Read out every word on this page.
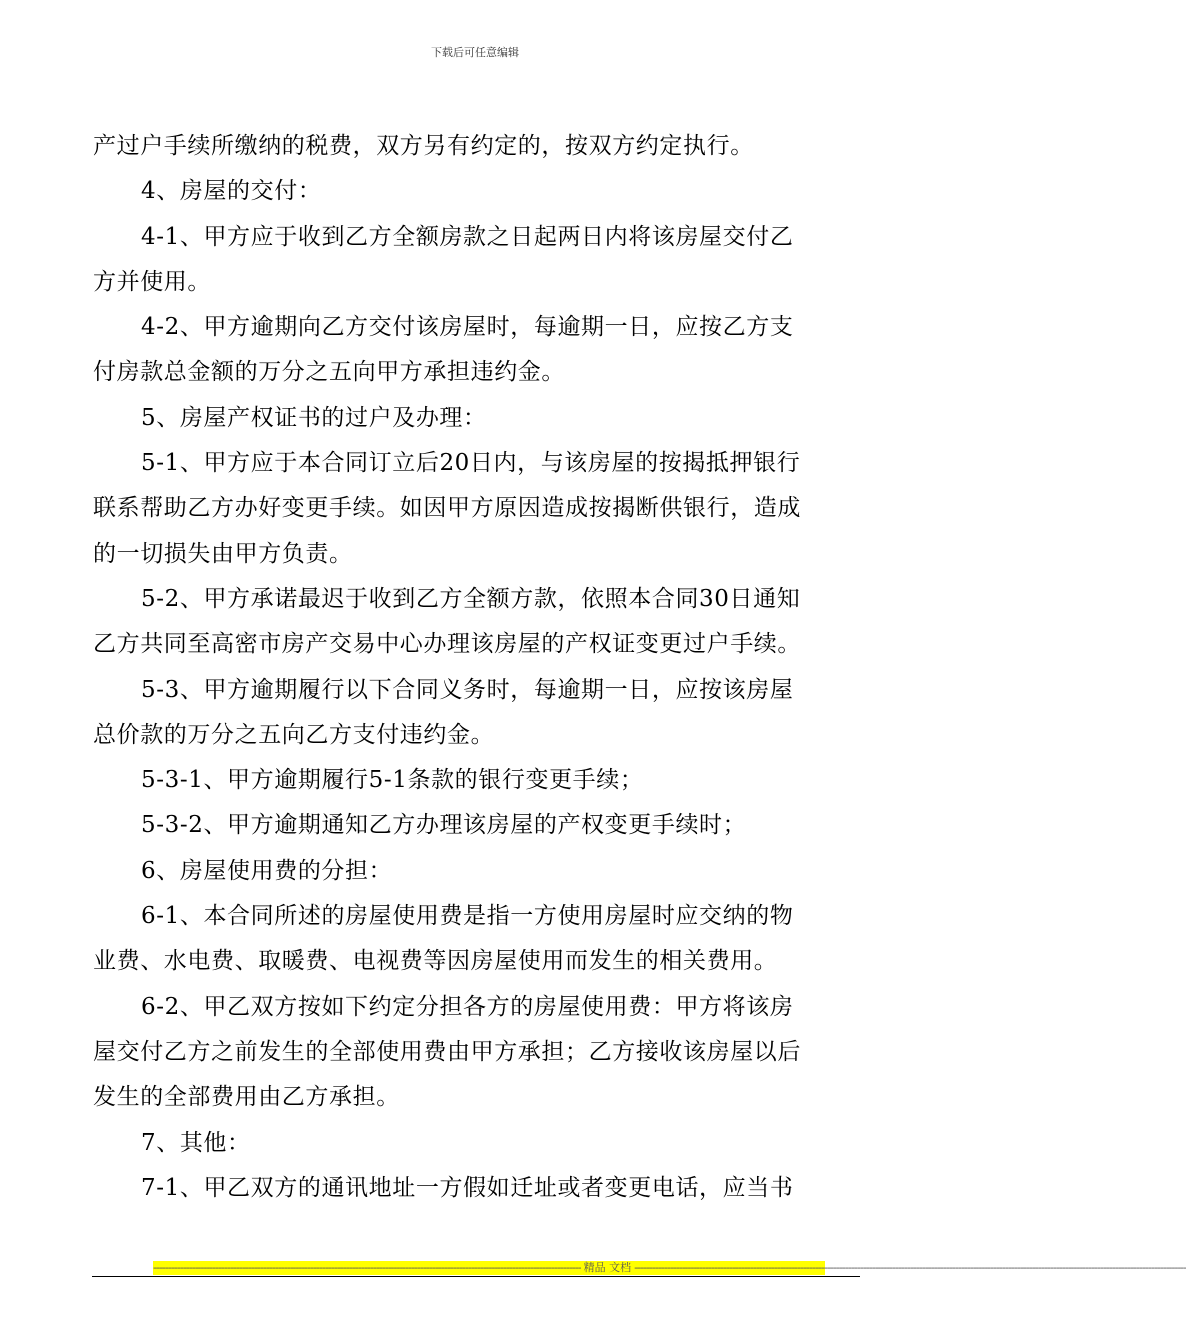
下载后可任意编辑

产过户手续所缴纳的税费，双方另有约定的，按双方约定执行。

4、房屋的交付：

4-1、甲方应于收到乙方全额房款之日起两日内将该房屋交付乙

方并使用。

4-2、甲方逾期向乙方交付该房屋时，每逾期一日，应按乙方支

付房款总金额的万分之五向甲方承担违约金。

5、房屋产权证书的过户及办理：

5-1、甲方应于本合同订立后20日内，与该房屋的按揭抵押银行

联系帮助乙方办好变更手续。如因甲方原因造成按揭断供银行，造成

的一切损失由甲方负责。

5-2、甲方承诺最迟于收到乙方全额方款，依照本合同30日通知

乙方共同至高密市房产交易中心办理该房屋的产权证变更过户手续。

5-3、甲方逾期履行以下合同义务时，每逾期一日，应按该房屋

总价款的万分之五向乙方支付违约金。

5-3-1、甲方逾期履行5-1条款的银行变更手续；

5-3-2、甲方逾期通知乙方办理该房屋的产权变更手续时；

6、房屋使用费的分担：

6-1、本合同所述的房屋使用费是指一方使用房屋时应交纳的物

业费、水电费、取暖费、电视费等因房屋使用而发生的相关费用。

6-2、甲乙双方按如下约定分担各方的房屋使用费：甲方将该房

屋交付乙方之前发生的全部使用费由甲方承担；乙方接收该房屋以后

发生的全部费用由乙方承担。

7、其他：

7-1、甲乙双方的通讯地址一方假如迁址或者变更电话，应当书

------------------------------------------------------------------------------------------------------------------------------------------------ 精品 文档 ------------------------------------------------------------------------------------------------------------------------------------------------------------------------------------------
